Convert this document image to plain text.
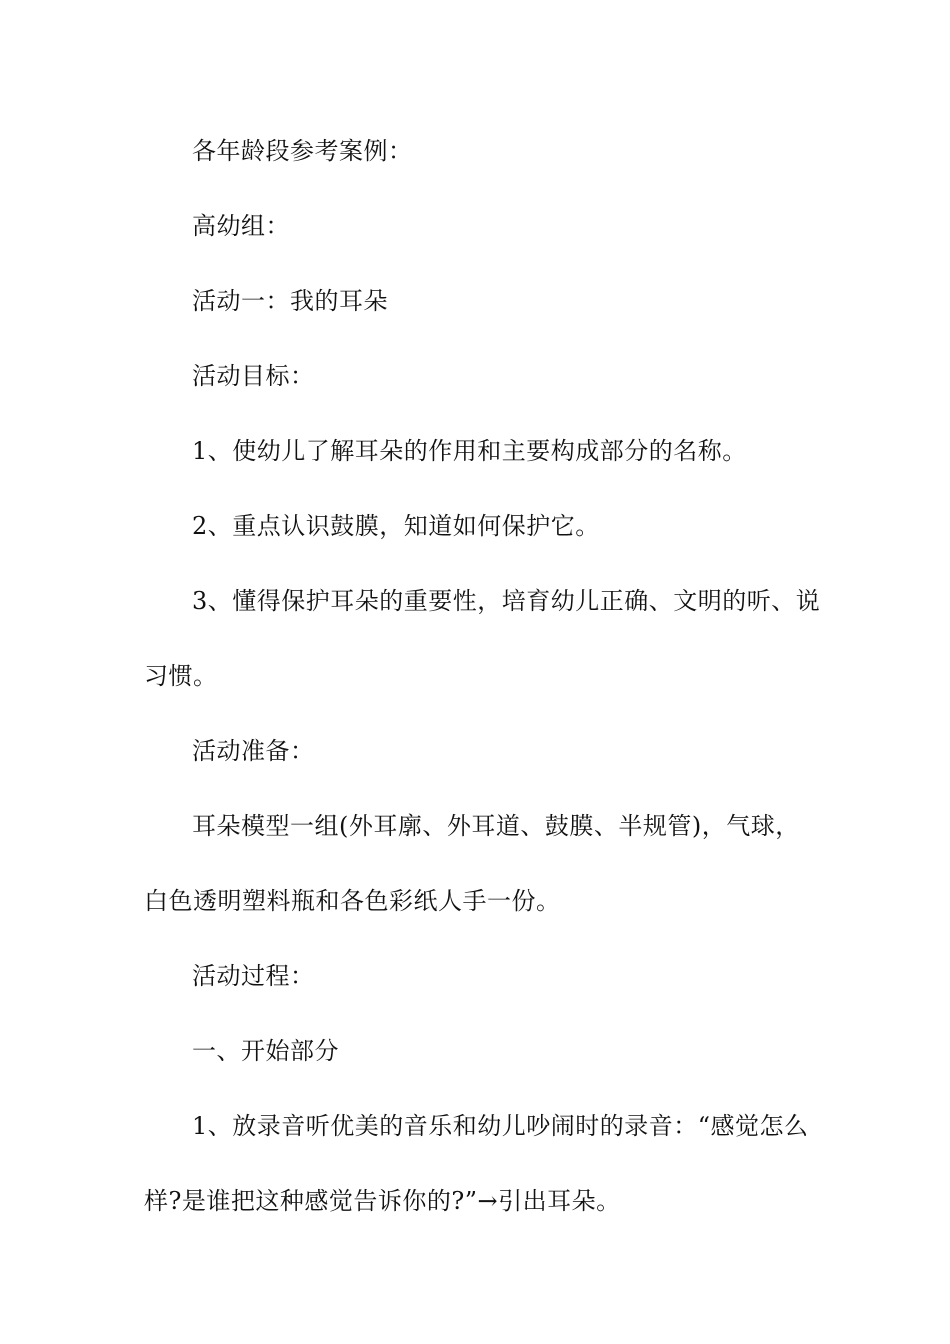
各年龄段参考案例：
高幼组：
活动一：我的耳朵
活动目标：
1、使幼儿了解耳朵的作用和主要构成部分的名称。
2、重点认识鼓膜，知道如何保护它。
3、懂得保护耳朵的重要性，培育幼儿正确、文明的听、说
习惯。
活动准备：
耳朵模型一组(外耳廓、外耳道、鼓膜、半规管)，气球，
白色透明塑料瓶和各色彩纸人手一份。
活动过程：
一、开始部分
1、放录音听优美的音乐和幼儿吵闹时的录音：“感觉怎么
样?是谁把这种感觉告诉你的?”→引出耳朵。
